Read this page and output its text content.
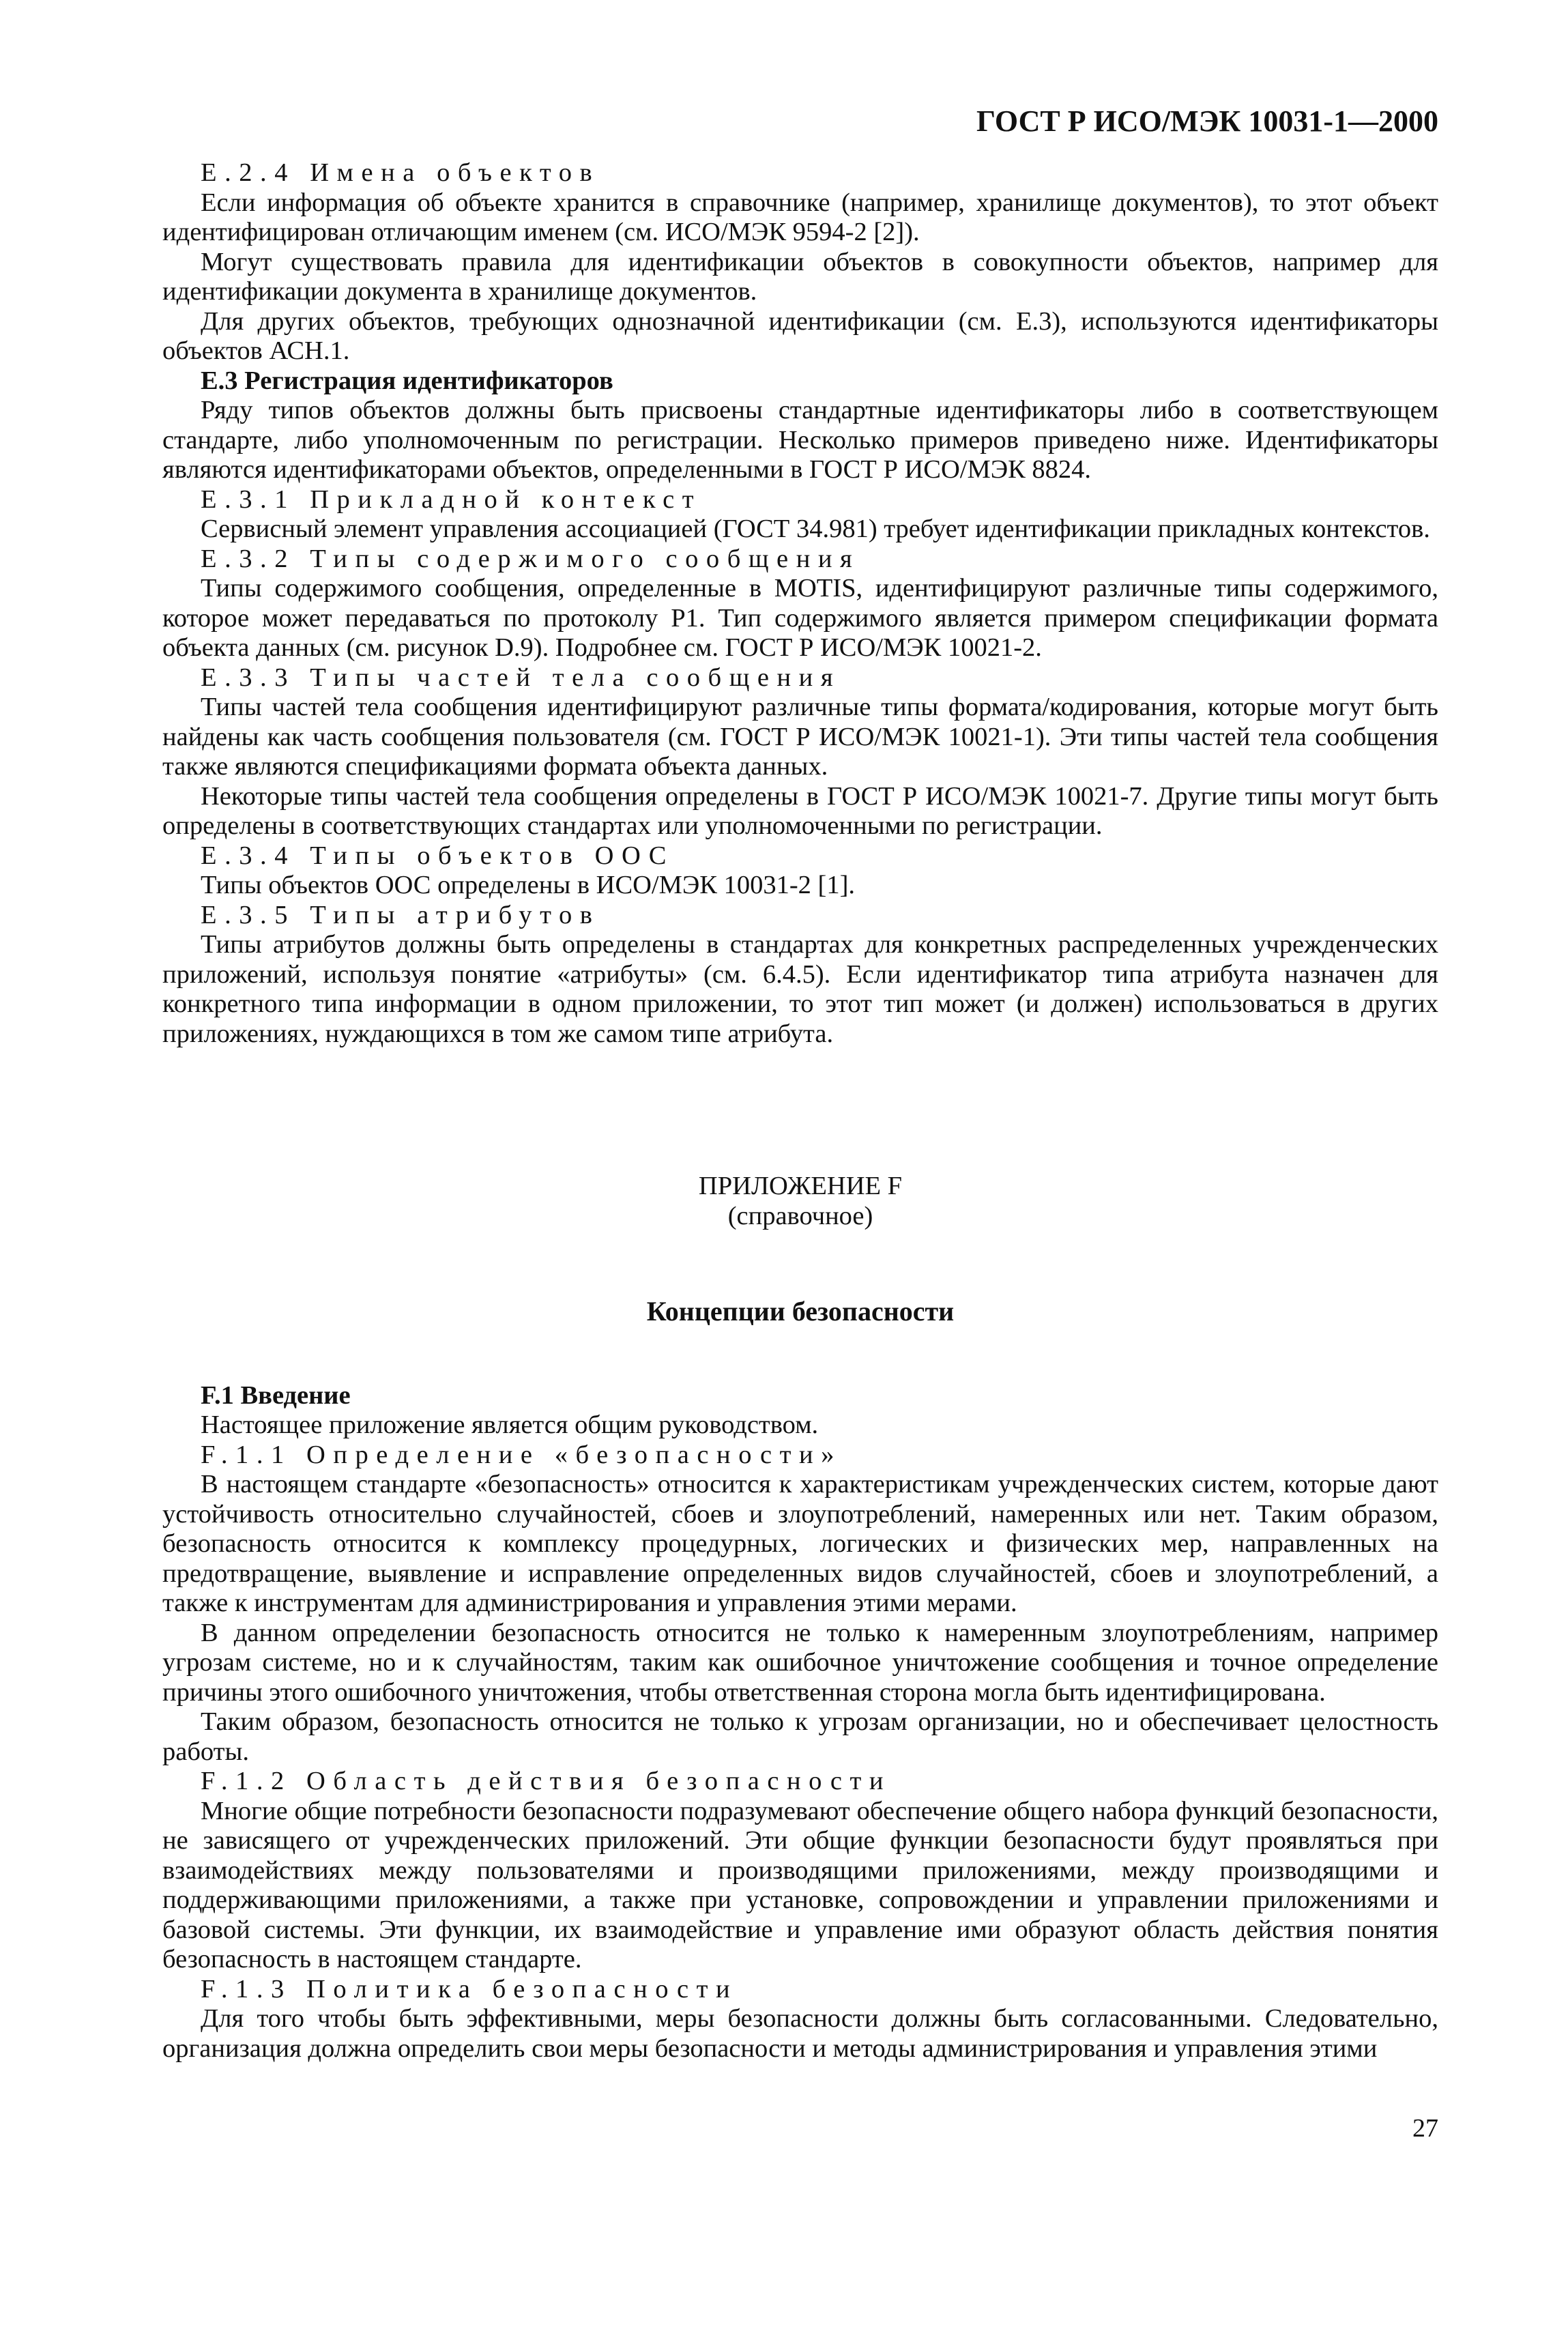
ГОСТ Р ИСО/МЭК 10031-1—2000

Е.2.4 Имена объектов

Если информация об объекте хранится в справочнике (например, хранилище документов), то этот объект идентифицирован отличающим именем (см. ИСО/МЭК 9594-2 [2]).

Могут существовать правила для идентификации объектов в совокупности объектов, например для идентификации документа в хранилище документов.

Для других объектов, требующих однозначной идентификации (см. Е.3), используются идентификаторы объектов АСН.1.

Е.3 Регистрация идентификаторов

Ряду типов объектов должны быть присвоены стандартные идентификаторы либо в соответствующем стандарте, либо уполномоченным по регистрации. Несколько примеров приведено ниже. Идентификаторы являются идентификаторами объектов, определенными в ГОСТ Р ИСО/МЭК 8824.

Е.3.1 Прикладной контекст

Сервисный элемент управления ассоциацией (ГОСТ 34.981) требует идентификации прикладных контекстов.

Е.3.2 Типы содержимого сообщения

Типы содержимого сообщения, определенные в MOTIS, идентифицируют различные типы содержимого, которое может передаваться по протоколу Р1. Тип содержимого является примером спецификации формата объекта данных (см. рисунок D.9). Подробнее см. ГОСТ Р ИСО/МЭК 10021-2.

Е.3.3 Типы частей тела сообщения

Типы частей тела сообщения идентифицируют различные типы формата/кодирования, которые могут быть найдены как часть сообщения пользователя (см. ГОСТ Р ИСО/МЭК 10021-1). Эти типы частей тела сообщения также являются спецификациями формата объекта данных.

Некоторые типы частей тела сообщения определены в ГОСТ Р ИСО/МЭК 10021-7. Другие типы могут быть определены в соответствующих стандартах или уполномоченными по регистрации.

Е.3.4 Типы объектов ООС

Типы объектов ООС определены в ИСО/МЭК 10031-2 [1].

Е.3.5 Типы атрибутов

Типы атрибутов должны быть определены в стандартах для конкретных распределенных учрежденческих приложений, используя понятие «атрибуты» (см. 6.4.5). Если идентификатор типа атрибута назначен для конкретного типа информации в одном приложении, то этот тип может (и должен) использоваться в других приложениях, нуждающихся в том же самом типе атрибута.

ПРИЛОЖЕНИЕ F
(справочное)
Концепции безопасности

F.1 Введение

Настоящее приложение является общим руководством.

F.1.1 Определение «безопасности»

В настоящем стандарте «безопасность» относится к характеристикам учрежденческих систем, которые дают устойчивость относительно случайностей, сбоев и злоупотреблений, намеренных или нет. Таким образом, безопасность относится к комплексу процедурных, логических и физических мер, направленных на предотвращение, выявление и исправление определенных видов случайностей, сбоев и злоупотреблений, а также к инструментам для администрирования и управления этими мерами.

В данном определении безопасность относится не только к намеренным злоупотреблениям, например угрозам системе, но и к случайностям, таким как ошибочное уничтожение сообщения и точное определение причины этого ошибочного уничтожения, чтобы ответственная сторона могла быть идентифицирована.

Таким образом, безопасность относится не только к угрозам организации, но и обеспечивает целостность работы.

F.1.2 Область действия безопасности

Многие общие потребности безопасности подразумевают обеспечение общего набора функций безопасности, не зависящего от учрежденческих приложений. Эти общие функции безопасности будут проявляться при взаимодействиях между пользователями и производящими приложениями, между производящими и поддерживающими приложениями, а также при установке, сопровождении и управлении приложениями и базовой системы. Эти функции, их взаимодействие и управление ими образуют область действия понятия безопасность в настоящем стандарте.

F.1.3 Политика безопасности

Для того чтобы быть эффективными, меры безопасности должны быть согласованными. Следовательно, организация должна определить свои меры безопасности и методы администрирования и управления этими

27
